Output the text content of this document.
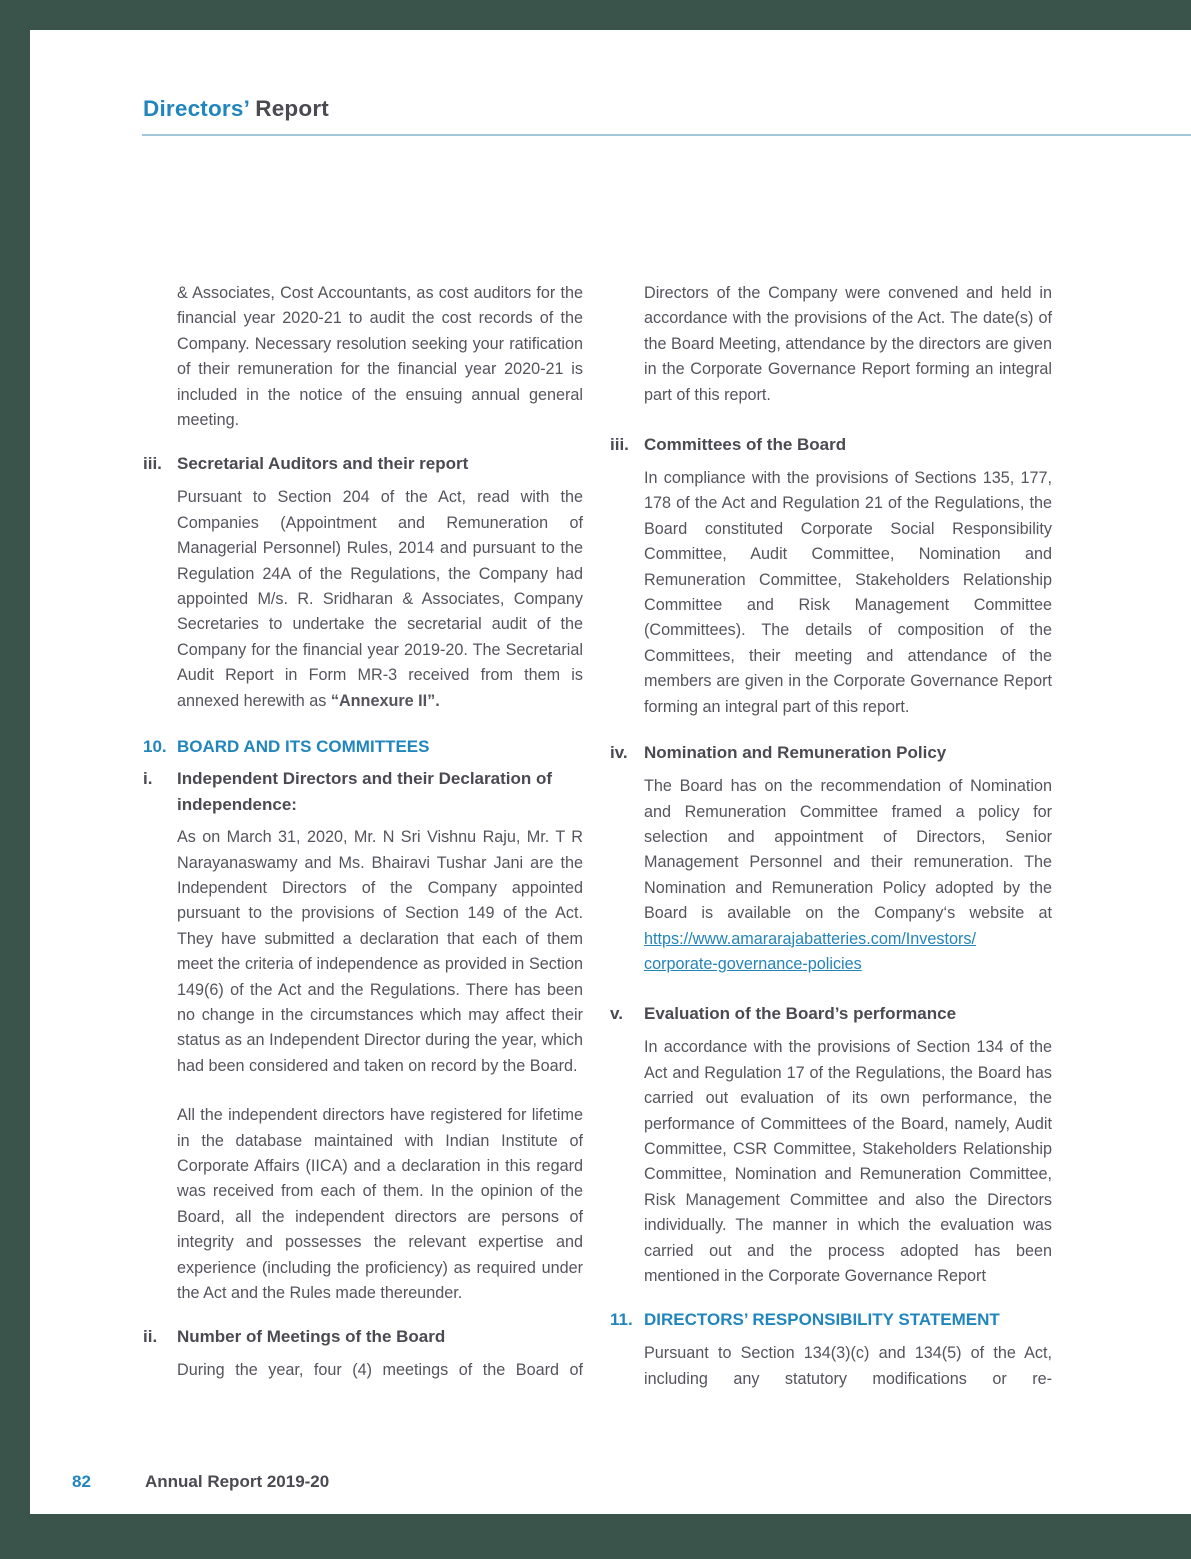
Directors’ Report

& Associates, Cost Accountants, as cost auditors for the financial year 2020-21 to audit the cost records of the Company. Necessary resolution seeking your ratification of their remuneration for the financial year 2020-21 is included in the notice of the ensuing annual general meeting.

iii. Secretarial Auditors and their report

Pursuant to Section 204 of the Act, read with the Companies (Appointment and Remuneration of Managerial Personnel) Rules, 2014 and pursuant to the Regulation 24A of the Regulations, the Company had appointed M/s. R. Sridharan & Associates, Company Secretaries to undertake the secretarial audit of the Company for the financial year 2019-20. The Secretarial Audit Report in Form MR-3 received from them is annexed herewith as “Annexure II”.

10. BOARD AND ITS COMMITTEES
i. Independent Directors and their Declaration of independence:

As on March 31, 2020, Mr. N Sri Vishnu Raju, Mr. T R Narayanaswamy and Ms. Bhairavi Tushar Jani are the Independent Directors of the Company appointed pursuant to the provisions of Section 149 of the Act. They have submitted a declaration that each of them meet the criteria of independence as provided in Section 149(6) of the Act and the Regulations. There has been no change in the circumstances which may affect their status as an Independent Director during the year, which had been considered and taken on record by the Board.

All the independent directors have registered for lifetime in the database maintained with Indian Institute of Corporate Affairs (IICA) and a declaration in this regard was received from each of them. In the opinion of the Board, all the independent directors are persons of integrity and possesses the relevant expertise and experience (including the proficiency) as required under the Act and the Rules made thereunder.

ii. Number of Meetings of the Board

During the year, four (4) meetings of the Board of

Directors of the Company were convened and held in accordance with the provisions of the Act. The date(s) of the Board Meeting, attendance by the directors are given in the Corporate Governance Report forming an integral part of this report.

iii. Committees of the Board

In compliance with the provisions of Sections 135, 177, 178 of the Act and Regulation 21 of the Regulations, the Board constituted Corporate Social Responsibility Committee, Audit Committee, Nomination and Remuneration Committee, Stakeholders Relationship Committee and Risk Management Committee (Committees). The details of composition of the Committees, their meeting and attendance of the members are given in the Corporate Governance Report forming an integral part of this report.

iv. Nomination and Remuneration Policy

The Board has on the recommendation of Nomination and Remuneration Committee framed a policy for selection and appointment of Directors, Senior Management Personnel and their remuneration. The Nomination and Remuneration Policy adopted by the Board is available on the Company‘s website at https://www.amararajabatteries.com/Investors/corporate-governance-policies

v. Evaluation of the Board’s performance

In accordance with the provisions of Section 134 of the Act and Regulation 17 of the Regulations, the Board has carried out evaluation of its own performance, the performance of Committees of the Board, namely, Audit Committee, CSR Committee, Stakeholders Relationship Committee, Nomination and Remuneration Committee, Risk Management Committee and also the Directors individually. The manner in which the evaluation was carried out and the process adopted has been mentioned in the Corporate Governance Report

11. DIRECTORS’ RESPONSIBILITY STATEMENT

Pursuant to Section 134(3)(c) and 134(5) of the Act, including any statutory modifications or re-

82	Annual Report 2019-20
